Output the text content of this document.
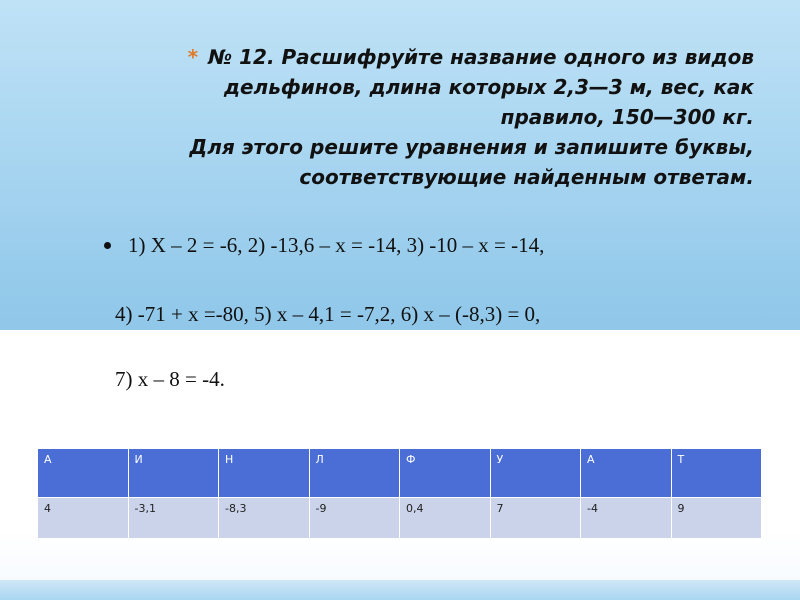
* № 12. Расшифруйте название одного из видов
дельфинов, длина которых 2,3—3 м, вес, как
правило, 150—300 кг.
Для этого решите уравнения и запишите буквы,
соответствующие найденным ответам.
1) Х – 2 = -6, 2) -13,6 – х = -14, 3) -10 – х = -14,
4) -71 + х =-80, 5) х – 4,1 = -7,2, 6) х – (-8,3) = 0,
7) х – 8 = -4.
А	И	Н	Л	Ф	У	А	Т
4	-3,1	-8,3	-9	0,4	7	-4	9
